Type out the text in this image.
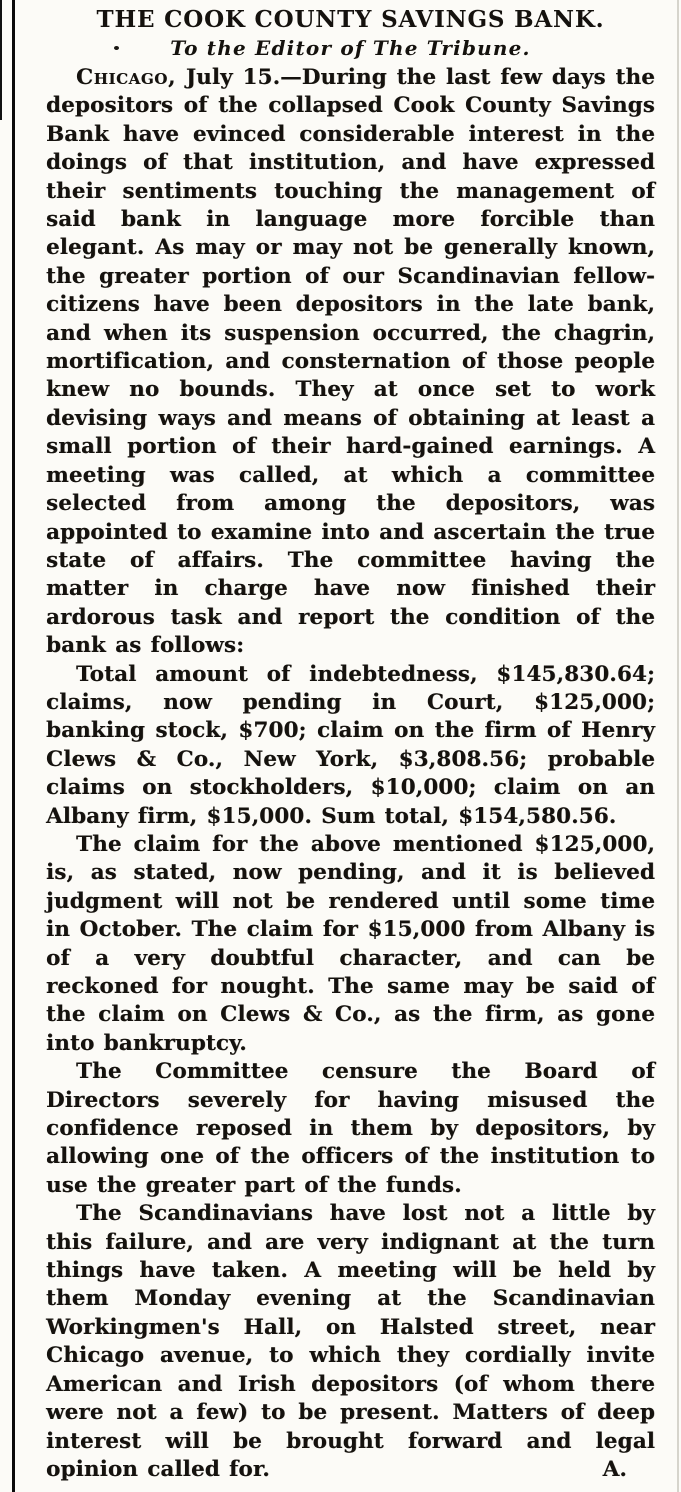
THE COOK COUNTY SAVINGS BANK.
To the Editor of The Tribune.

Chicago, July 15.—During the last few days the depositors of the collapsed Cook County Savings Bank have evinced considerable interest in the doings of that institution, and have expressed their sentiments touching the management of said bank in language more forcible than elegant. As may or may not be generally known, the greater portion of our Scandinavian fellow-citizens have been depositors in the late bank, and when its suspension occurred, the chagrin, mortification, and consternation of those people knew no bounds. They at once set to work devising ways and means of obtaining at least a small portion of their hard-gained earnings. A meeting was called, at which a committee selected from among the depositors, was appointed to examine into and ascertain the true state of affairs. The committee having the matter in charge have now finished their ardorous task and report the condition of the bank as follows:

Total amount of indebtedness, $145,830.64; claims, now pending in Court, $125,000; banking stock, $700; claim on the firm of Henry Clews & Co., New York, $3,808.56; probable claims on stockholders, $10,000; claim on an Albany firm, $15,000. Sum total, $154,580.56.

The claim for the above mentioned $125,000, is, as stated, now pending, and it is believed judgment will not be rendered until some time in October. The claim for $15,000 from Albany is of a very doubtful character, and can be reckoned for nought. The same may be said of the claim on Clews & Co., as the firm, as gone into bankruptcy.

The Committee censure the Board of Directors severely for having misused the confidence reposed in them by depositors, by allowing one of the officers of the institution to use the greater part of the funds.

The Scandinavians have lost not a little by this failure, and are very indignant at the turn things have taken. A meeting will be held by them Monday evening at the Scandinavian Workingmen's Hall, on Halsted street, near Chicago avenue, to which they cordially invite American and Irish depositors (of whom there were not a few) to be present. Matters of deep interest will be brought forward and legal opinion called for.	A.
